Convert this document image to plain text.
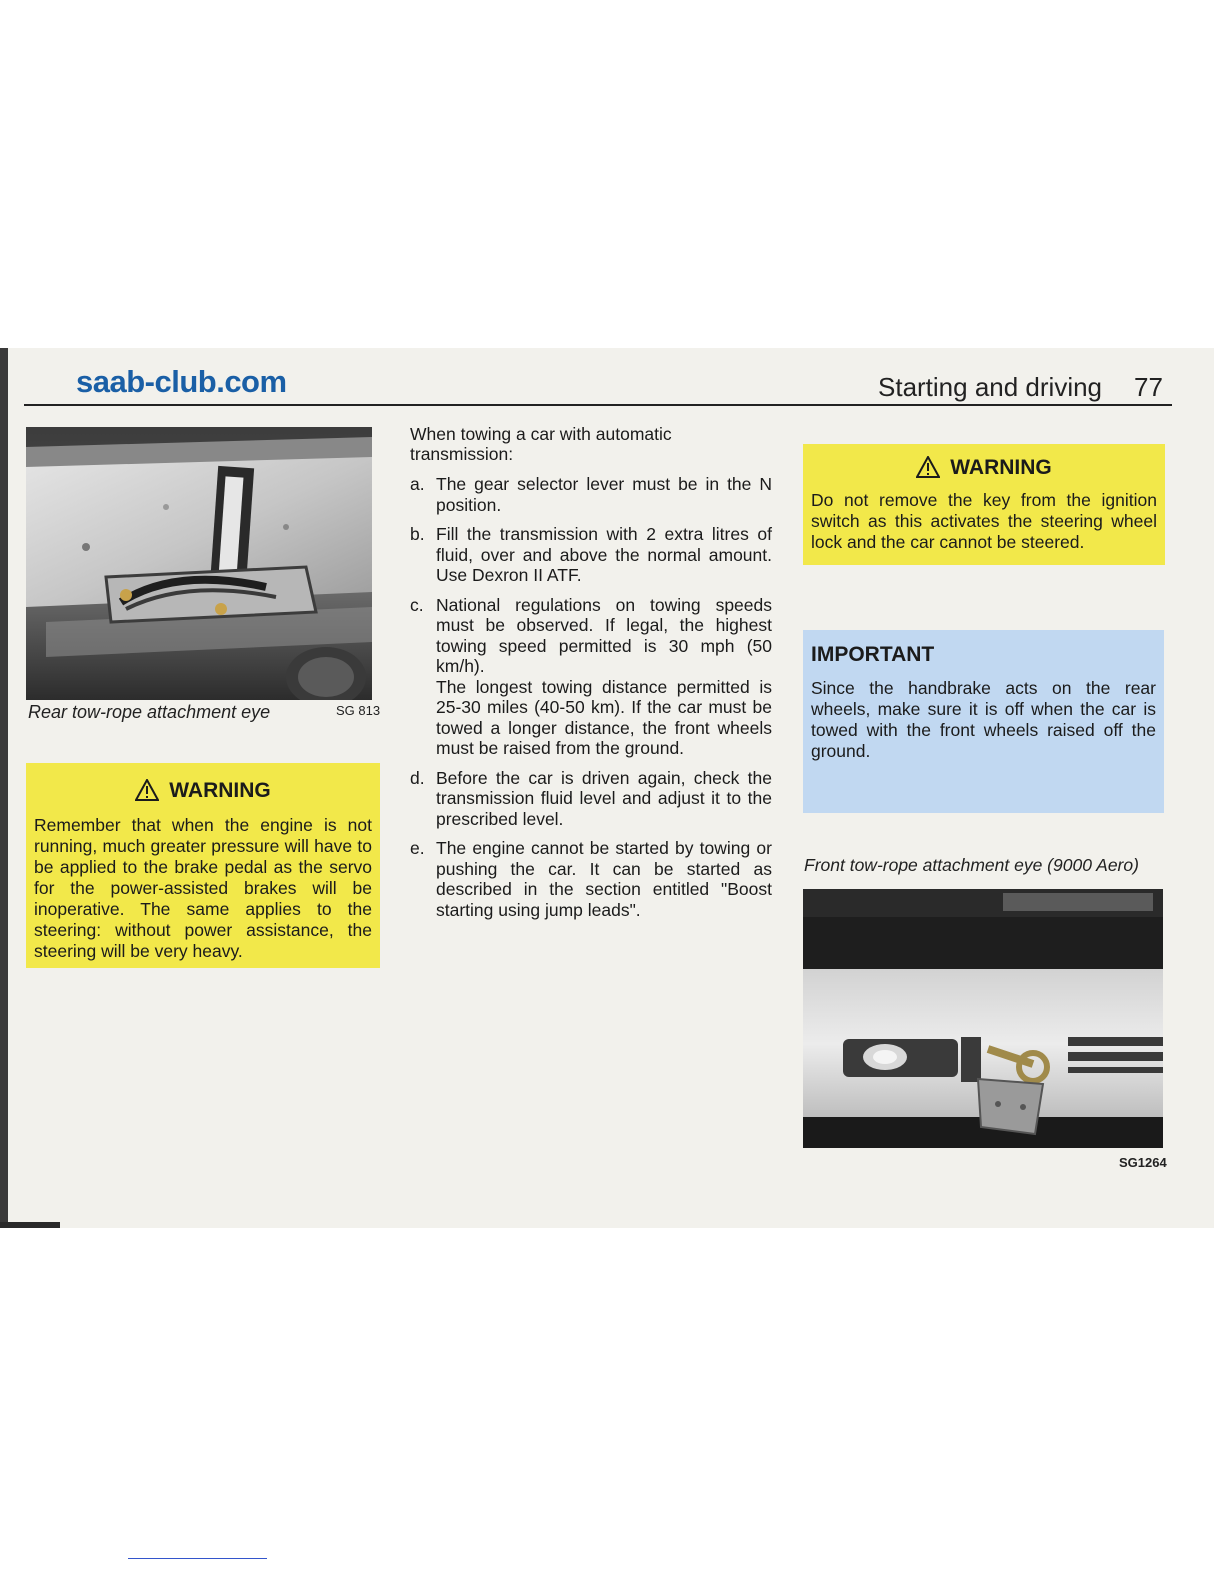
saab-club.com	Starting and driving 77
Rear tow-rope attachment eye	SG 813
WARNING
Remember that when the engine is not running, much greater pressure will have to be applied to the brake pedal as the servo for the power-assisted brakes will be inoperative. The same applies to the steering: without power assistance, the steering will be very heavy.
When towing a car with automatic transmission:
a. The gear selector lever must be in the N position.
b. Fill the transmission with 2 extra litres of fluid, over and above the normal amount. Use Dexron II ATF.
c. National regulations on towing speeds must be observed. If legal, the highest towing speed permitted is 30 mph (50 km/h).
The longest towing distance permitted is 25-30 miles (40-50 km). If the car must be towed a longer distance, the front wheels must be raised from the ground.
d. Before the car is driven again, check the transmission fluid level and adjust it to the prescribed level.
e. The engine cannot be started by towing or pushing the car. It can be started as described in the section entitled "Boost starting using jump leads".
WARNING
Do not remove the key from the ignition switch as this activates the steering wheel lock and the car cannot be steered.
IMPORTANT
Since the handbrake acts on the rear wheels, make sure it is off when the car is towed with the front wheels raised off the ground.
Front tow-rope attachment eye (9000 Aero)
SG1264
